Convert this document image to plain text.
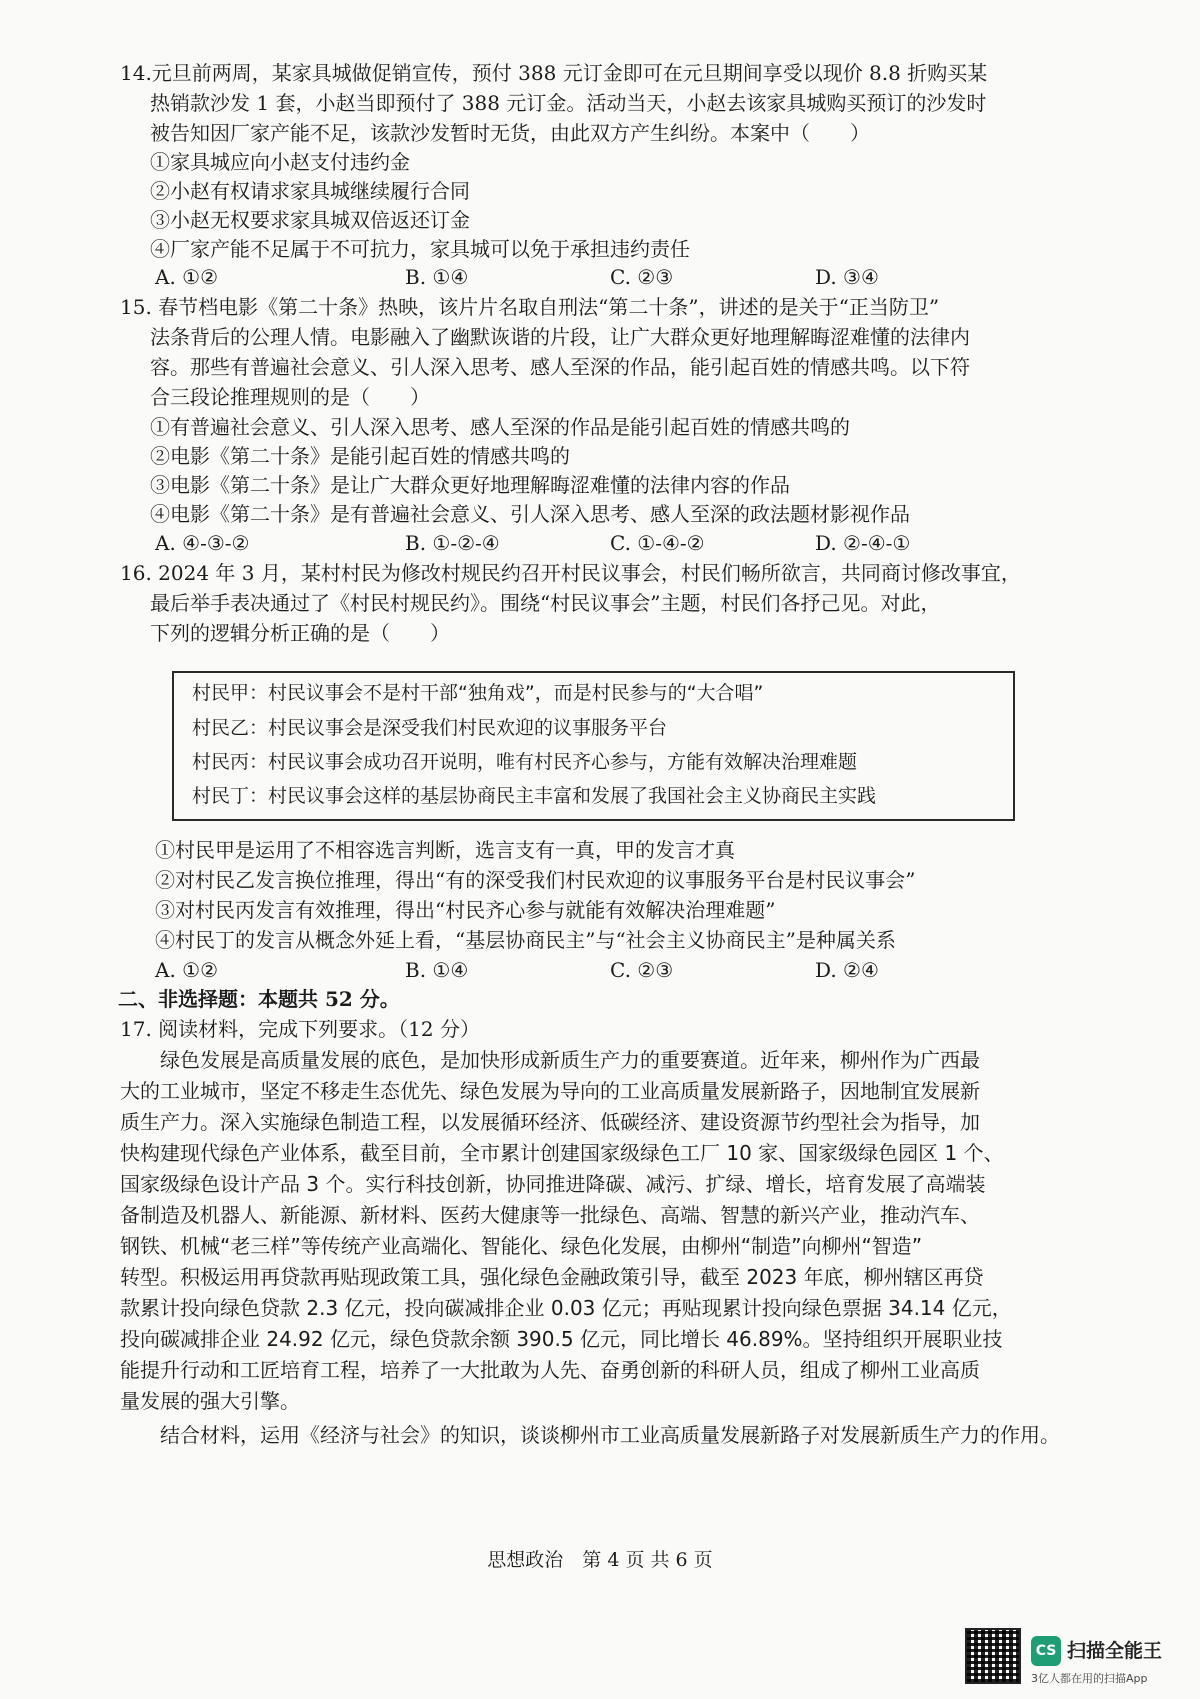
14.元旦前两周，某家具城做促销宣传，预付 388 元订金即可在元旦期间享受以现价 8.8 折购买某
热销款沙发 1 套，小赵当即预付了 388 元订金。活动当天，小赵去该家具城购买预订的沙发时
被告知因厂家产能不足，该款沙发暂时无货，由此双方产生纠纷。本案中（　　）
①家具城应向小赵支付违约金
②小赵有权请求家具城继续履行合同
③小赵无权要求家具城双倍返还订金
④厂家产能不足属于不可抗力，家具城可以免于承担违约责任
A. ①②	B. ①④	C. ②③	D. ③④
15. 春节档电影《第二十条》热映，该片片名取自刑法“第二十条”，讲述的是关于“正当防卫”
法条背后的公理人情。电影融入了幽默诙谐的片段，让广大群众更好地理解晦涩难懂的法律内
容。那些有普遍社会意义、引人深入思考、感人至深的作品，能引起百姓的情感共鸣。以下符
合三段论推理规则的是（　　）
①有普遍社会意义、引人深入思考、感人至深的作品是能引起百姓的情感共鸣的
②电影《第二十条》是能引起百姓的情感共鸣的
③电影《第二十条》是让广大群众更好地理解晦涩难懂的法律内容的作品
④电影《第二十条》是有普遍社会意义、引人深入思考、感人至深的政法题材影视作品
A. ④-③-②	B. ①-②-④	C. ①-④-②	D. ②-④-①
16. 2024 年 3 月，某村村民为修改村规民约召开村民议事会，村民们畅所欲言，共同商讨修改事宜，
最后举手表决通过了《村民村规民约》。围绕“村民议事会”主题，村民们各抒己见。对此，
下列的逻辑分析正确的是（　　）
村民甲：村民议事会不是村干部“独角戏”，而是村民参与的“大合唱”
村民乙：村民议事会是深受我们村民欢迎的议事服务平台
村民丙：村民议事会成功召开说明，唯有村民齐心参与，方能有效解决治理难题
村民丁：村民议事会这样的基层协商民主丰富和发展了我国社会主义协商民主实践
①村民甲是运用了不相容选言判断，选言支有一真，甲的发言才真
②对村民乙发言换位推理，得出“有的深受我们村民欢迎的议事服务平台是村民议事会”
③对村民丙发言有效推理，得出“村民齐心参与就能有效解决治理难题”
④村民丁的发言从概念外延上看，“基层协商民主”与“社会主义协商民主”是种属关系
A. ①②	B. ①④	C. ②③	D. ②④
二、非选择题：本题共 52 分。
17. 阅读材料，完成下列要求。（12 分）
　　绿色发展是高质量发展的底色，是加快形成新质生产力的重要赛道。近年来，柳州作为广西最
大的工业城市，坚定不移走生态优先、绿色发展为导向的工业高质量发展新路子，因地制宜发展新
质生产力。深入实施绿色制造工程，以发展循环经济、低碳经济、建设资源节约型社会为指导，加
快构建现代绿色产业体系，截至目前，全市累计创建国家级绿色工厂 10 家、国家级绿色园区 1 个、
国家级绿色设计产品 3 个。实行科技创新，协同推进降碳、减污、扩绿、增长，培育发展了高端装
备制造及机器人、新能源、新材料、医药大健康等一批绿色、高端、智慧的新兴产业，推动汽车、
钢铁、机械“老三样”等传统产业高端化、智能化、绿色化发展，由柳州“制造”向柳州“智造”
转型。积极运用再贷款再贴现政策工具，强化绿色金融政策引导，截至 2023 年底，柳州辖区再贷
款累计投向绿色贷款 2.3 亿元，投向碳减排企业 0.03 亿元；再贴现累计投向绿色票据 34.14 亿元，
投向碳减排企业 24.92 亿元，绿色贷款余额 390.5 亿元，同比增长 46.89%。坚持组织开展职业技
能提升行动和工匠培育工程，培养了一大批敢为人先、奋勇创新的科研人员，组成了柳州工业高质
量发展的强大引擎。
　　结合材料，运用《经济与社会》的知识，谈谈柳州市工业高质量发展新路子对发展新质生产力的作用。
思想政治　第 4 页 共 6 页
CS 扫描全能王
3亿人都在用的扫描App
